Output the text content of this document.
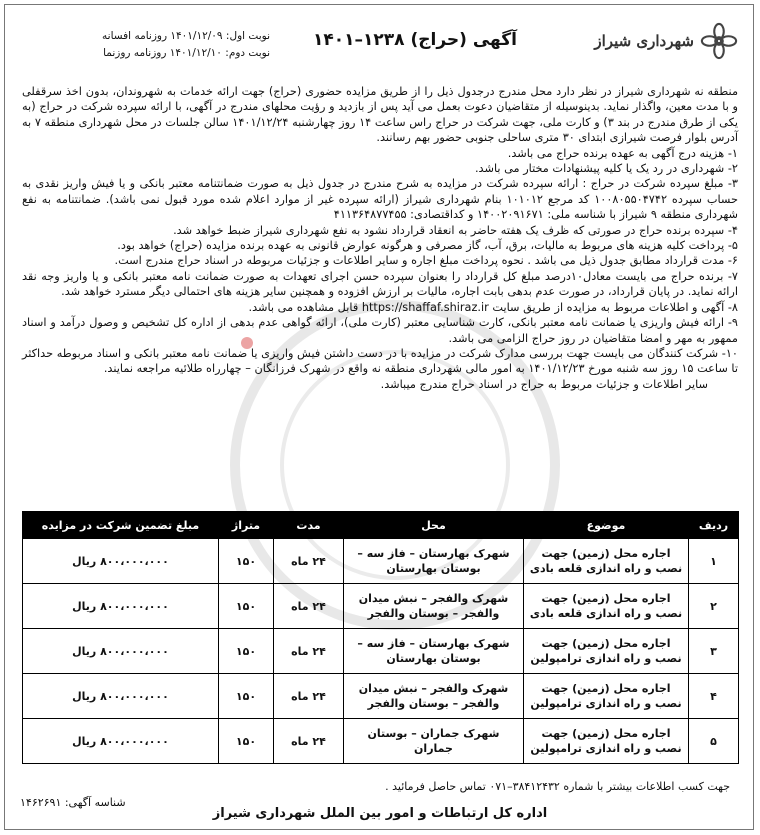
شهرداری شیراز
آگهی (حراج) ۱۲۳۸–۱۴۰۱
نوبت اول: ۱۴۰۱/۱۲/۰۹ روزنامه افسانه
نوبت دوم: ۱۴۰۱/۱۲/۱۰ روزنامه روزنما

منطقه نه شهرداری شیراز در نظر دارد محل مندرج درجدول ذیل را از طریق مزایده حضوری (حراج) جهت ارائه خدمات به شهروندان، بدون اخذ سرقفلی و با مدت معین، واگذار نماید. بدینوسیله از متقاضیان دعوت بعمل می آید پس از بازدید و رؤیت محلهای مندرج در آگهی، با ارائه سپرده شرکت در حراج (به یکی از طرق مندرج در بند ۳) و کارت ملی، جهت شرکت در حراج راس ساعت ۱۴ روز چهارشنبه ۱۴۰۱/۱۲/۲۴ سالن جلسات در محل شهرداری منطقه ۷ به آدرس بلوار فرصت شیرازی ابتدای ۳۰ متری ساحلی جنوبی حضور بهم رسانند.

۱- هزینه درج آگهی به عهده برنده حراج می باشد.

۲- شهرداری در رد یک یا کلیه پیشنهادات مختار می باشد.

۳- مبلغ سپرده شرکت در حراج : ارائه سپرده شرکت در مزایده به شرح مندرج در جدول ذیل به صورت ضمانتنامه معتبر بانکی و یا فیش واریز نقدی به حساب سپرده ۱۰۰۸۰۵۵۰۴۷۴۲ کد مرجع ۱۰۱۰۱۲ بنام شهرداری شیراز (ارائه سپرده غیر از موارد اعلام شده مورد قبول نمی باشد). ضمانتنامه به نفع شهرداری منطقه ۹ شیراز با شناسه ملی: ۱۴۰۰۲۰۹۱۶۷۱ و کداقتصادی: ۴۱۱۳۶۴۸۷۷۴۵۵

۴- سپرده برنده حراج در صورتی که ظرف یک هفته حاضر به انعقاد قرارداد نشود به نفع شهرداری شیراز ضبط خواهد شد.

۵- پرداخت کلیه هزینه های مربوط به مالیات، برق، آب، گاز مصرفی و هرگونه عوارض قانونی به عهده برنده مزایده (حراج) خواهد بود.

۶- مدت قرارداد مطابق جدول ذیل می باشد . نحوه پرداخت مبلغ اجاره و سایر اطلاعات و جزئیات مربوطه در اسناد حراج مندرج است.

۷- برنده حراج می بایست معادل۱۰درصد مبلغ کل قرارداد را بعنوان سپرده حسن اجرای تعهدات به صورت ضمانت نامه معتبر بانکی و یا واریز وجه نقد ارائه نماید. در پایان قرارداد، در صورت عدم بدهی بابت اجاره، مالیات بر ارزش افزوده و همچنین سایر هزینه های احتمالی دیگر مسترد خواهد شد.

۸- آگهی و اطلاعات مربوط به مزایده از طریق سایت https://shaffaf.shiraz.ir قابل مشاهده می باشد.

۹- ارائه فیش واریزی یا ضمانت نامه معتبر بانکی، کارت شناسایی معتبر (کارت ملی)، ارائه گواهی عدم بدهی از اداره کل تشخیص و وصول درآمد و اسناد ممهور به مهر و امضا متقاضیان در روز حراج الزامی می باشد.

۱۰- شرکت کنندگان می بایست جهت بررسی مدارک شرکت در مزایده با در دست داشتن فیش واریزی یا ضمانت نامه معتبر بانکی و اسناد مربوطه حداکثر تا ساعت ۱۵ روز سه شنبه مورخ ۱۴۰۱/۱۲/۲۳ به امور مالی شهرداری منطقه نه واقع در شهرک فرزانگان – چهارراه طلائیه مراجعه نمایند.

سایر اطلاعات و جزئیات مربوط به حراج در اسناد حراج مندرج میباشد.

ردیف	موضوع	محل	مدت	متراژ	مبلغ تضمین شرکت در مزایده
۱	اجاره محل (زمین) جهت نصب و راه اندازی قلعه بادی	شهرک بهارستان – فاز سه – بوستان بهارستان	۲۴ ماه	۱۵۰	۸۰۰،۰۰۰،۰۰۰ ریال
۲	اجاره محل (زمین) جهت نصب و راه اندازی قلعه بادی	شهرک والفجر – نبش میدان والفجر – بوستان والفجر	۲۴ ماه	۱۵۰	۸۰۰،۰۰۰،۰۰۰ ریال
۳	اجاره محل (زمین) جهت نصب و راه اندازی ترامپولین	شهرک بهارستان – فاز سه – بوستان بهارستان	۲۴ ماه	۱۵۰	۸۰۰،۰۰۰،۰۰۰ ریال
۴	اجاره محل (زمین) جهت نصب و راه اندازی ترامپولین	شهرک والفجر – نبش میدان والفجر – بوستان والفجر	۲۴ ماه	۱۵۰	۸۰۰،۰۰۰،۰۰۰ ریال
۵	اجاره محل (زمین) جهت نصب و راه اندازی ترامپولین	شهرک جماران – بوستان جماران	۲۴ ماه	۱۵۰	۸۰۰،۰۰۰،۰۰۰ ریال
جهت کسب اطلاعات بیشتر با شماره ۳۸۴۱۲۴۳۲–۰۷۱ تماس حاصل فرمائید .
شناسه آگهی: ۱۴۶۲۶۹۱
اداره کل ارتباطات و امور بین الملل شهرداری شیراز
